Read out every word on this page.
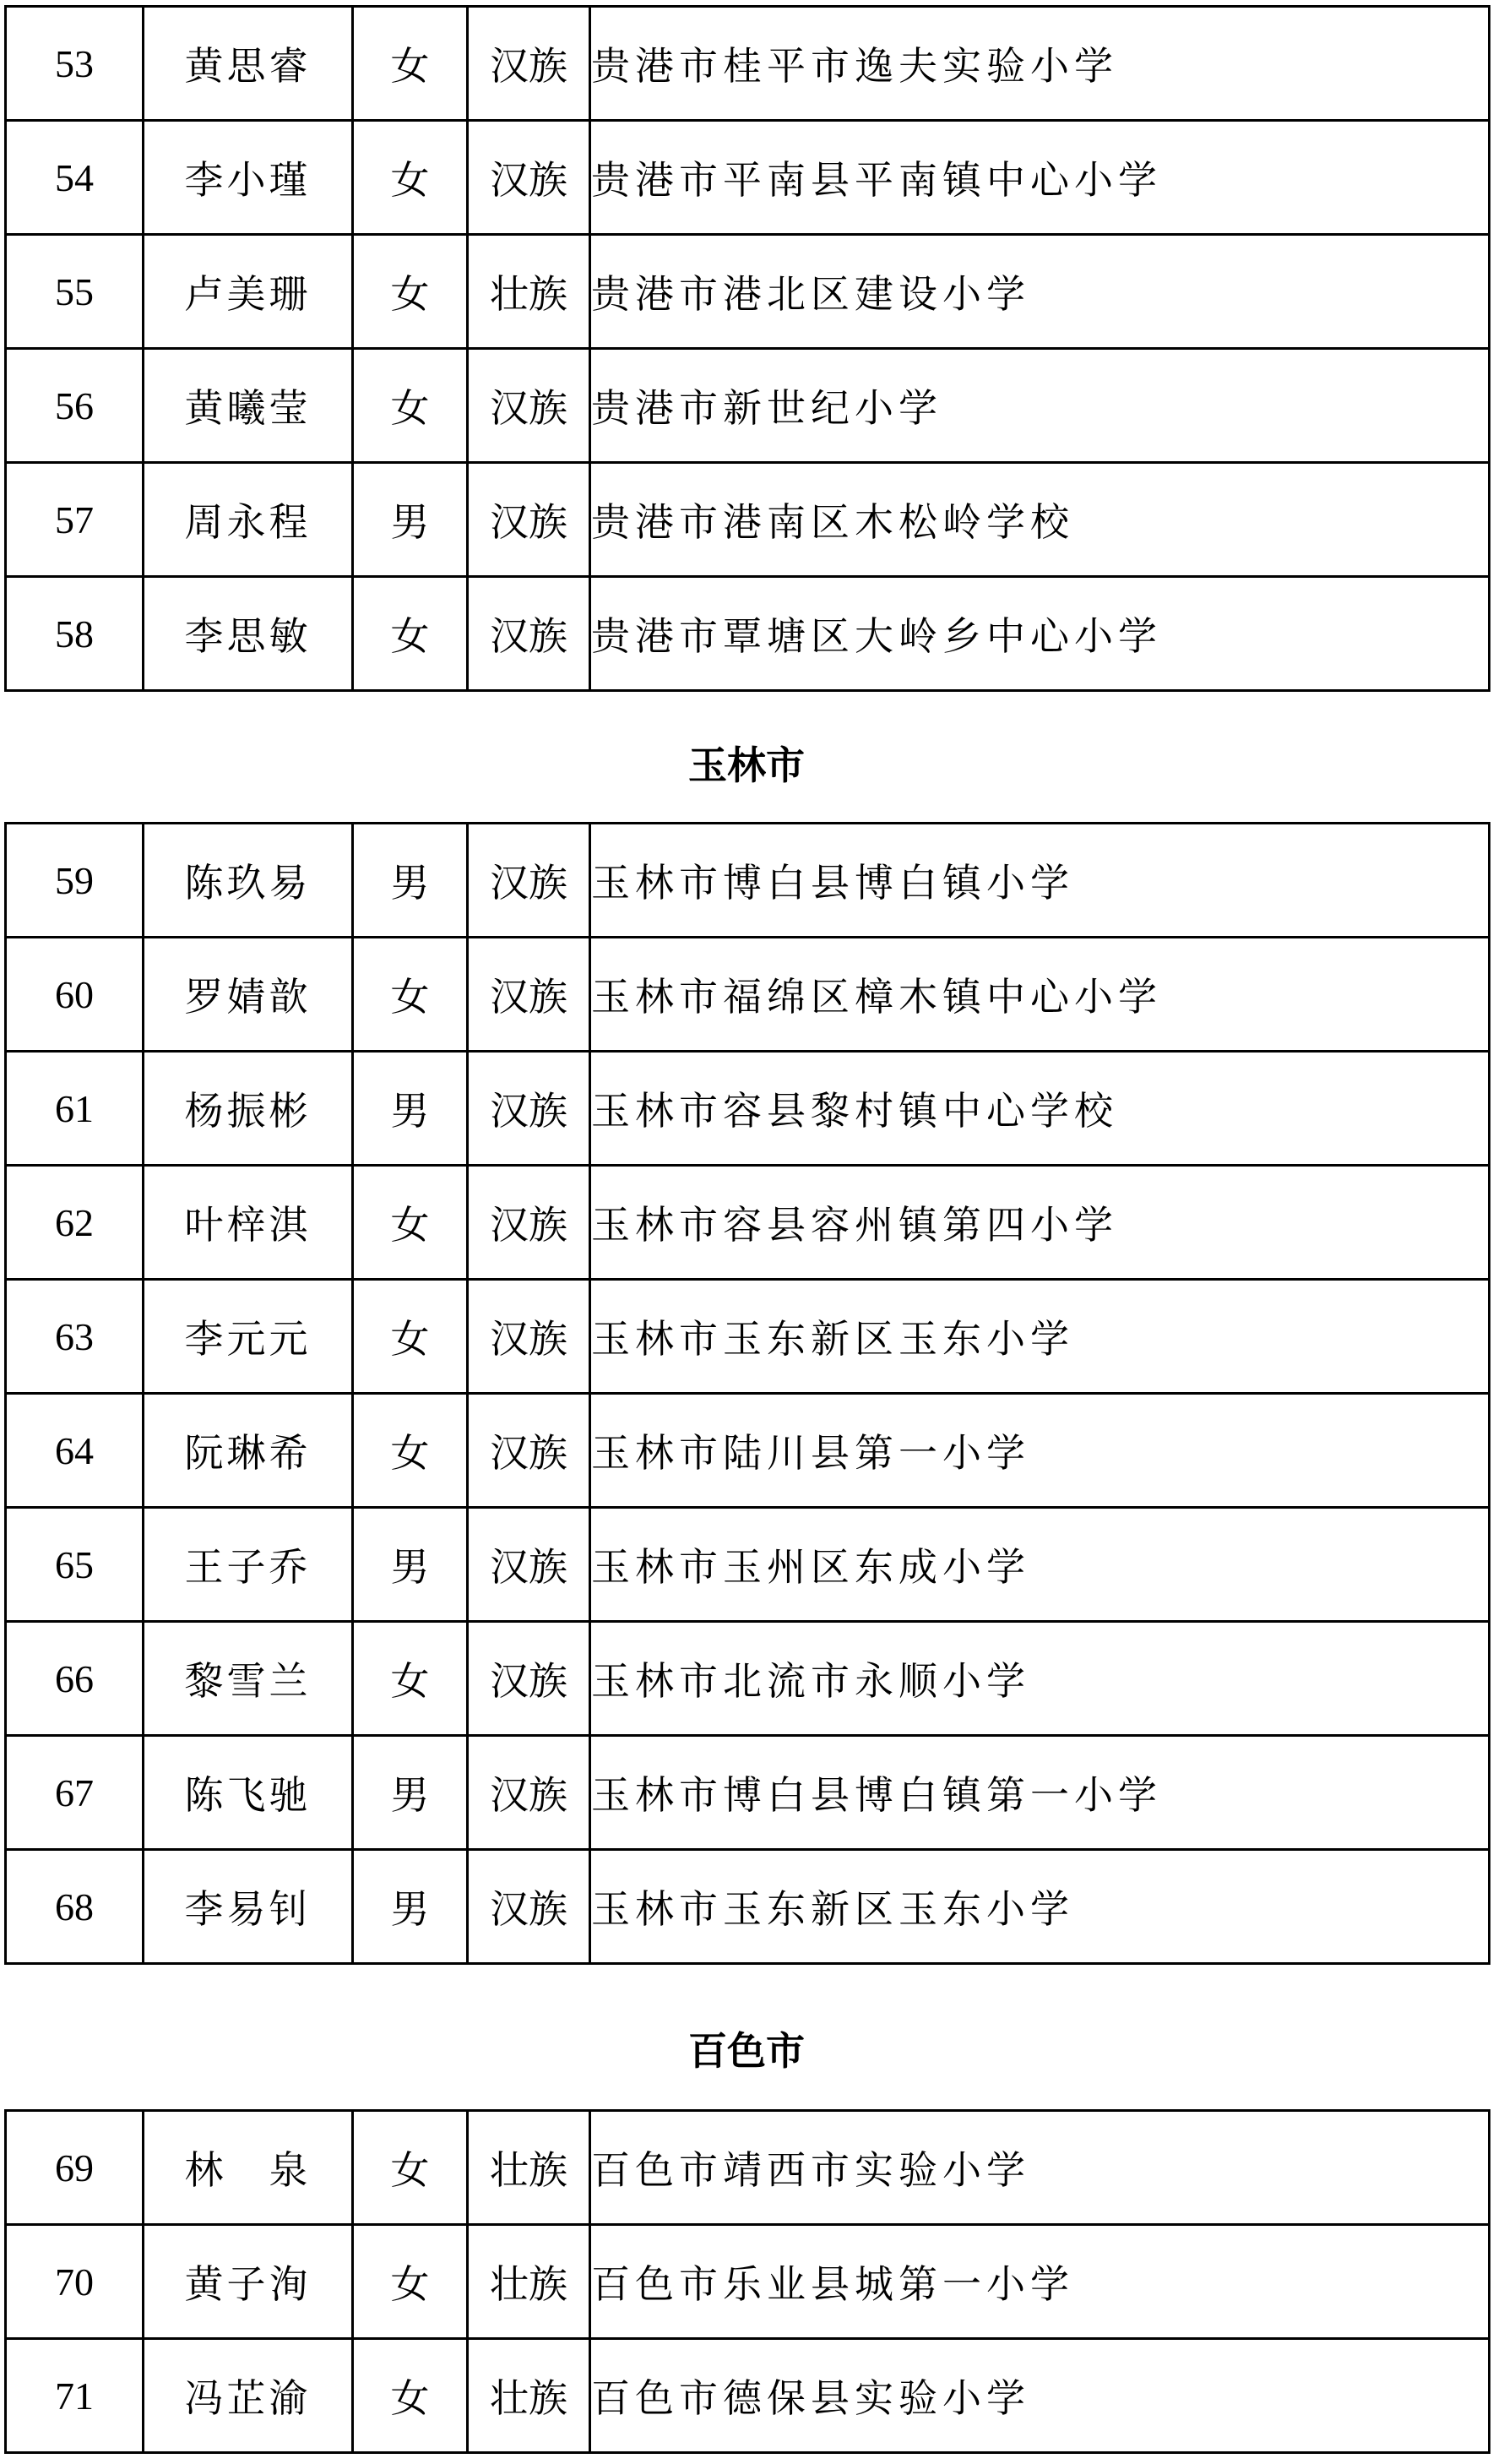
53	黄思睿	女	汉族	贵港市桂平市逸夫实验小学
54	李小瑾	女	汉族	贵港市平南县平南镇中心小学
55	卢美珊	女	壮族	贵港市港北区建设小学
56	黄曦莹	女	汉族	贵港市新世纪小学
57	周永程	男	汉族	贵港市港南区木松岭学校
58	李思敏	女	汉族	贵港市覃塘区大岭乡中心小学
玉林市
59	陈玖易	男	汉族	玉林市博白县博白镇小学
60	罗婧歆	女	汉族	玉林市福绵区樟木镇中心小学
61	杨振彬	男	汉族	玉林市容县黎村镇中心学校
62	叶梓淇	女	汉族	玉林市容县容州镇第四小学
63	李元元	女	汉族	玉林市玉东新区玉东小学
64	阮琳希	女	汉族	玉林市陆川县第一小学
65	王子乔	男	汉族	玉林市玉州区东成小学
66	黎雪兰	女	汉族	玉林市北流市永顺小学
67	陈飞驰	男	汉族	玉林市博白县博白镇第一小学
68	李易钊	男	汉族	玉林市玉东新区玉东小学
百色市
69	林　泉	女	壮族	百色市靖西市实验小学
70	黄子洵	女	壮族	百色市乐业县城第一小学
71	冯芷渝	女	壮族	百色市德保县实验小学
